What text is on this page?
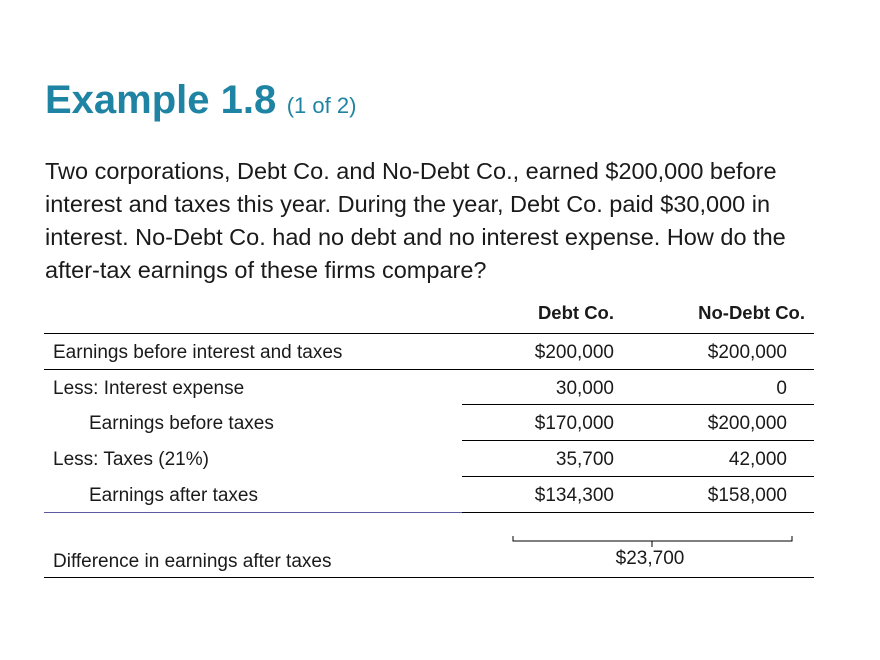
Example 1.8 (1 of 2)
Two corporations, Debt Co. and No-Debt Co., earned $200,000 before interest and taxes this year. During the year, Debt Co. paid $30,000 in interest. No-Debt Co. had no debt and no interest expense. How do the after-tax earnings of these firms compare?
Debt Co.	No-Debt Co.
Earnings before interest and taxes	$200,000	$200,000
Less: Interest expense	30,000	0
Earnings before taxes	$170,000	$200,000
Less: Taxes (21%)	35,700	42,000
Earnings after taxes	$134,300	$158,000
Difference in earnings after taxes	$23,700
